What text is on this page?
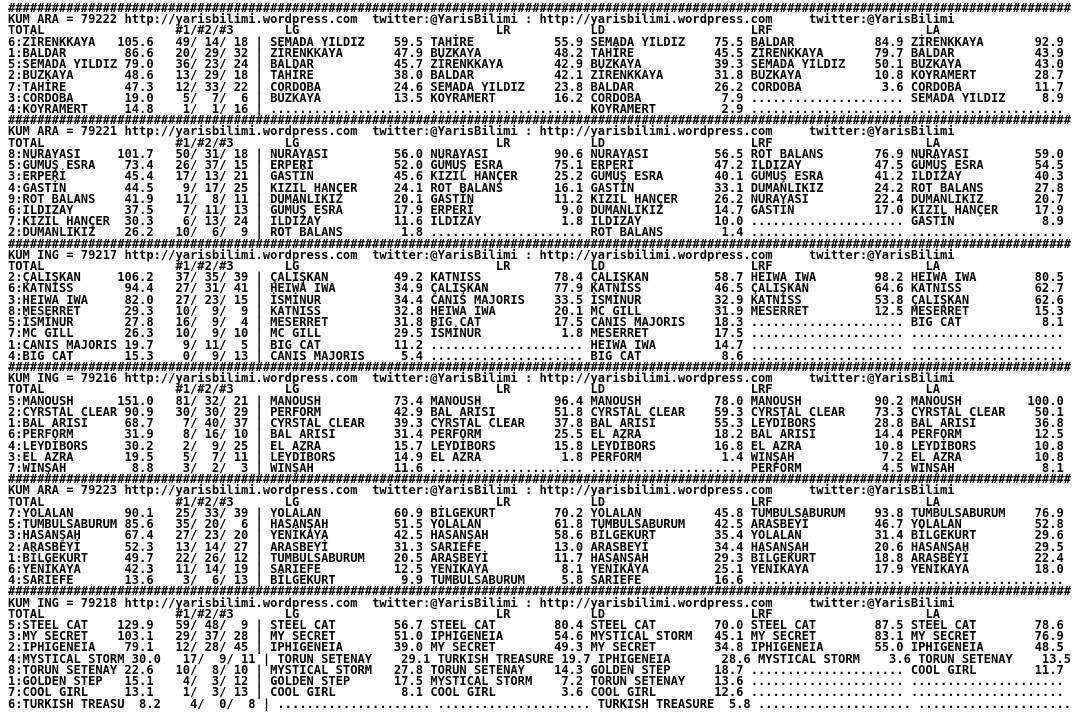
##################################################################################################################################################
KUM ARA = 79222 http://yarisbilimi.wordpress.com twitter:@YarisBilimi : http://yarisbilimi.wordpress.com	twitter:@YarisBilimi
TOTAL	#1/#2/#3	LG	LR	LD	LRF	LA
6:ZİRENKKAYA   105.6   49/ 14/ 18 | SEMADA YILDIZ    59.5 TAHİRE           55.9 SEMADA YILDIZ    75.5 BALDAR           84.9 ZİRENKKAYA       92.9
1:BALDAR        86.6   20/ 29/ 32 | ZİRENKKAYA       47.9 BUZKAYA          48.2 TAHİRE           45.5 ZİRENKKAYA       79.7 BALDAR           43.9
5:SEMADA YILDIZ 79.0   36/ 23/ 24 | BALDAR           45.7 ZİRENKKAYA       42.9 BUZKAYA          39.3 SEMADA YILDIZ    50.1 BUZKAYA          43.0
2:BUZKAYA       48.6   13/ 29/ 18 | TAHİRE           38.0 BALDAR           42.1 ZİRENKKAYA       31.8 BUZKAYA          10.8 KOYRAMERT        28.7
7:TAHİRE        47.3   12/ 33/ 22 | CORDOBA          24.6 SEMADA YILDIZ    23.8 BALDAR           26.2 CORDOBA           3.6 CORDOBA          11.7
3:CORDOBA       19.0    5/  7/  6 | BUZKAYA          13.5 KOYRAMERT        16.2 CORDOBA           7.9 ..................... SEMADA YILDIZ     8.9
4:KOYRAMERT     14.8    1/  1/ 16 | ..................... ..................... KOYRAMERT         2.9 ..................... .....................
##################################################################################################################################################
KUM ARA = 79221 http://yarisbilimi.wordpress.com twitter:@YarisBilimi : http://yarisbilimi.wordpress.com	twitter:@YarisBilimi
TOTAL	#1/#2/#3	LG	LR	LD	LRF	LA
8:NURAYASI     101.7   50/ 31/ 18 | NURAYASI         56.0 NURAYASI         90.6 NURAYASI         56.5 ROT BALANS       76.9 NURAYASI         59.0
5:GÜMÜŞ ESRA    73.4   26/ 37/ 15 | ERPERİ           52.0 GÜMÜŞ ESRA       75.1 ERPERİ           47.2 ILDIZAY          47.5 GÜMÜŞ ESRA       54.5
3:ERPERİ        45.4   17/ 13/ 21 | GASTİN           45.6 KIZIL HANÇER     25.2 GÜMÜŞ ESRA       40.1 GÜMÜŞ ESRA       41.2 ILDIZAY          40.3
4:GASTİN        44.5    9/ 17/ 25 | KIZIL HANÇER     24.1 ROT BALANS       16.1 GASTİN           33.1 DUMANLIKIZ       24.2 ROT BALANS       27.8
9:ROT BALANS    41.9   11/  8/ 11 | DUMANLIKIZ       20.1 GASTİN           11.2 KIZIL HANÇER     26.2 NURAYASI         22.4 DUMANLIKIZ       20.7
6:ILDIZAY       37.5    7/ 11/ 13 | GÜMÜŞ ESRA       17.9 ERPERİ            9.0 DUMANLIKIZ       14.7 GASTİN           17.0 KIZIL HANÇER     17.9
7:KIZIL HANÇER  30.3    6/ 13/ 24 | ILDIZAY          11.6 ILDIZAY           1.8 ILDIZAY          10.0 ..................... GASTİN            8.9
2:DUMANLIKIZ    26.2   10/  6/  9 | ROT BALANS        1.8 ..................... ROT BALANS        1.4 ..................... .....................
##################################################################################################################################################
KUM ING = 79217 http://yarisbilimi.wordpress.com twitter:@YarisBilimi : http://yarisbilimi.wordpress.com	twitter:@YarisBilimi
TOTAL	#1/#2/#3	LG	LR	LD	LRF	LA
2:ÇALIŞKAN     106.2   37/ 35/ 39 | ÇALIŞKAN         49.2 KATNISS          78.4 ÇALIŞKAN         58.7 HEIWA IWA        98.2 HEIWA IWA        80.5
6:KATNISS       94.4   27/ 31/ 41 | HEIWA IWA        34.9 ÇALIŞKAN         77.9 KATNISS          46.5 ÇALIŞKAN         64.6 KATNISS          62.7
3:HEIWA IWA     82.0   27/ 23/ 15 | İSMİNUR          34.4 CANIS MAJORIS    33.5 İSMİNUR          32.9 KATNISS          53.8 ÇALIŞKAN         62.6
8:MESERRET      29.3   10/  9/  9 | KATNISS          32.8 HEIWA IWA        20.1 MC GILL          31.9 MESERRET         12.5 MESERRET         15.3
5:İSMİNUR       27.8   16/  9/  4 | MESERRET         31.8 BIG CAT          17.5 CANIS MAJORIS    18.3 ..................... BIG CAT           8.1
7:MC GILL       26.3   10/  9/ 10 | MC GILL          29.5 İSMİNUR           1.8 MESERRET         17.5 ..................... .....................
1:CANIS MAJORIS 19.7    9/ 11/  5 | BIG CAT          11.2 ..................... HEIWA IWA        14.7 ..................... .....................
4:BIG CAT       15.3    0/  9/ 13 | CANIS MAJORIS     5.4 ..................... BIG CAT           8.6 ..................... .....................
##################################################################################################################################################
KUM ING = 79216 http://yarisbilimi.wordpress.com twitter:@YarisBilimi : http://yarisbilimi.wordpress.com	twitter:@YarisBilimi
TOTAL	#1/#2/#3	LG	LR	LD	LRF	LA
5:MANOUSH      151.0   81/ 32/ 21 | MANOUSH          73.4 MANOUSH          96.4 MANOUSH          78.0 MANOUSH          90.2 MANOUSH         100.0
2:CYRSTAL CLEAR 90.9   30/ 30/ 29 | PERFORM          42.9 BAL ARISI        51.8 CYRSTAL CLEAR    59.3 CYRSTAL CLEAR    73.3 CYRSTAL CLEAR    50.1
1:BAL ARISI     68.7    7/ 40/ 37 | CYRSTAL CLEAR    39.3 CYRSTAL CLEAR    37.8 BAL ARISI        55.3 LEYDİBORS        28.8 BAL ARISI        36.8
6:PERFORM       31.9    8/ 16/ 10 | BAL ARISI        31.4 PERFORM          25.5 EL AZRA          18.2 BAL ARISI        14.4 PERFORM          12.5
4:LEYDİBORS     30.2    2/  9/ 25 | EL AZRA          15.7 LEYDİBORS        15.8 LEYDİBORS        16.8 EL AZRA          10.8 LEYDİBORS        10.8
3:EL AZRA       19.5    5/  7/ 11 | LEYDİBORS        14.9 EL AZRA           1.8 PERFORM           1.4 WINŞAH            7.2 EL AZRA          10.8
7:WINŞAH         8.8    3/  2/  3 | WINŞAH           11.6 ..................... ..................... PERFORM           4.5 WINŞAH            8.1
##################################################################################################################################################
KUM ARA = 79223 http://yarisbilimi.wordpress.com twitter:@YarisBilimi : http://yarisbilimi.wordpress.com	twitter:@YarisBilimi
TOTAL	#1/#2/#3	LG	LR	LD	LRF	LA
7:YOLALAN       90.1   25/ 33/ 39 | YOLALAN          60.9 BİLGEKURT        70.2 YOLALAN          45.8 TUMBULSABURUM    93.8 TUMBULSABURUM    76.9
5:TUMBULSABURUM 85.6   35/ 20/  6 | HASANŞAH         51.5 YOLALAN          61.8 TUMBULSABURUM    42.5 ARASBEYİ         46.7 YOLALAN          52.8
3:HASANŞAH      67.4   27/ 23/ 20 | YENİKAYA         42.5 HASANŞAH         58.6 BİLGEKURT        35.4 YOLALAN          31.4 BİLGEKURT        29.6
2:ARASBEYİ      52.3   13/ 14/ 27 | ARASBEYİ         31.3 SARIEFE          13.0 ARASBEYİ         34.4 HASANŞAH         20.6 HASANŞAH         29.5
1:BİLGEKURT     49.7   22/ 26/ 12 | TUMBULSABURUM    20.5 ARASBEYİ         11.7 HASANŞAH         29.3 BİLGEKURT        18.8 ARASBEYİ         22.4
6:YENİKAYA      42.3   11/ 14/ 19 | SARIEFE          12.5 YENİKAYA          8.1 YENİKAYA         25.1 YENİKAYA         17.9 YENİKAYA         18.0
4:SARIEFE       13.6    3/  6/ 13 | BİLGEKURT         9.9 TUMBULSABURUM     5.8 SARIEFE          16.6 ..................... .....................
##################################################################################################################################################
KUM ING = 79218 http://yarisbilimi.wordpress.com twitter:@YarisBilimi : http://yarisbilimi.wordpress.com	twitter:@YarisBilimi
TOTAL	#1/#2/#3	LG	LR	LD	LRF	LA
5:STEEL CAT    129.9   59/ 48/  9 | STEEL CAT        56.7 STEEL CAT        80.4 STEEL CAT        70.0 STEEL CAT        87.5 STEEL CAT        78.6
3:MY SECRET    103.1   29/ 37/ 28 | MY SECRET        51.0 IPHIGENEIA       54.6 MYSTICAL STORM   45.1 MY SECRET        83.1 MY SECRET        76.9
2:IPHIGENEIA    79.1   12/ 28/ 45 | IPHIGENEIA       39.0 MY SECRET        49.3 MY SECRET        34.8 IPHIGENEIA       55.0 IPHIGENEIA       48.5
4:MYSTICAL STORM 30.0   17/  9/ 11 | TORUN SETENAY    29.1 TURKISH TREASURE 19.7 IPHIGENEIA       28.6 MYSTICAL STORM    3.6 TORUN SETENAY    13.5
8:TORUN SETENAY 22.6   10/  8/ 10 | MYSTICAL STORM   27.8 TORUN SETENAY    14.3 GOLDEN STEP      18.7 ..................... COOL GIRL        11.7
1:GOLDEN STEP   15.1    4/  3/ 12 | GOLDEN STEP      17.5 MYSTICAL STORM    7.2 TORUN SETENAY    13.6 ..................... .....................
7:COOL GIRL     13.1    1/  3/ 13 | COOL GIRL         8.1 COOL GIRL         3.6 COOL GIRL        12.6 ..................... .....................
6:TURKISH TREASU  8.2    4/  0/  8 | ..................... ..................... TURKISH TREASURE  5.8 ..................... .....................
